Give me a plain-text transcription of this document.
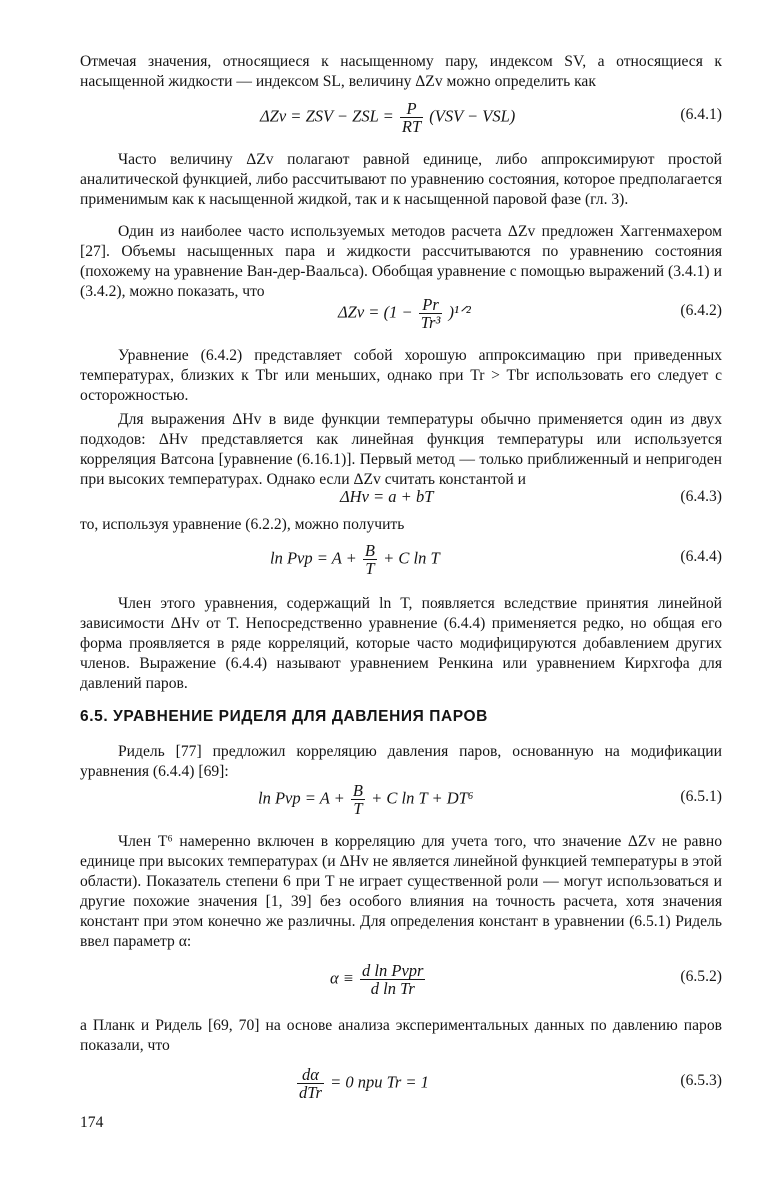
Отмечая значения, относящиеся к насыщенному пару, индексом SV, а относящиеся к насыщенной жидкости — индексом SL, величину ΔZv можно определить как

ΔZv = ZSV − ZSL = $\frac{P}{RT} (VSV - VSL)$	(6.4.1)

Часто величину ΔZv полагают равной единице, либо аппроксимируют простой аналитической функцией, либо рассчитывают по уравнению состояния, которое предполагается применимым как к насыщенной жидкой, так и к насыщенной паровой фазе (гл. 3).

Один из наиболее часто используемых методов расчета ΔZv предложен Хаггенмахером [27]. Объемы насыщенных пара и жидкости рассчитываются по уравнению состояния (похожему на уравнение Ван-дер-Ваальса). Обобщая уравнение с помощью выражений (3.4.1) и (3.4.2), можно показать, что

$\Delta Zv = (1 - \frac{Pr}{\text{Tr³}}$ )¹ᐟ²	(6.4.2)

Уравнение (6.4.2) представляет собой хорошую аппроксимацию при приведенных температурах, близких к Tbr или меньших, однако при Tr > Tbr использовать его следует с осторожностью.

Для выражения ΔHv в виде функции температуры обычно применяется один из двух подходов: ΔHv представляется как линейная функция температуры или используется корреляция Ватсона [уравнение (6.16.1)]. Первый метод — только приближенный и непригоден при высоких температурах. Однако если ΔZv считать константой и

ΔHv = a + bT	(6.4.3)

то, используя уравнение (6.2.2), можно получить

ln Pvp = $A + \frac{B}{T} + C$ ln T	(6.4.4)

Член этого уравнения, содержащий ln T, появляется вследствие принятия линейной зависимости ΔHv от T. Непосредственно уравнение (6.4.4) применяется редко, но общая его форма проявляется в ряде корреляций, которые часто модифицируются добавлением других членов. Выражение (6.4.4) называют уравнением Ренкина или уравнением Кирхгофа для давлений паров.

6.5. УРАВНЕНИЕ РИДЕЛЯ ДЛЯ ДАВЛЕНИЯ ПАРОВ

Ридель [77] предложил корреляцию давления паров, основанную на модификации уравнения (6.4.4) [69]:

ln Pvp = $A + \frac{B}{T} + C$ ln T + DT⁶	(6.5.1)

Член T⁶ намеренно включен в корреляцию для учета того, что значение ΔZv не равно единице при высоких температурах (и ΔHv не является линейной функцией температуры в этой области). Показатель степени 6 при T не играет существенной роли — могут использоваться и другие похожие значения [1, 39] без особого влияния на точность расчета, хотя значения констант при этом конечно же различны. Для определения констант в уравнении (6.5.1) Ридель ввел параметр α:

$\alpha \equiv \frac{\text{d ln Pvpr}}{\text{d ln Tr}}$	(6.5.2)

а Планк и Ридель [69, 70] на основе анализа экспериментальных данных по давлению паров показали, что

$\frac{d\alpha}{\text{dTr}} = 0$ при Tr = 1	(6.5.3)
174
